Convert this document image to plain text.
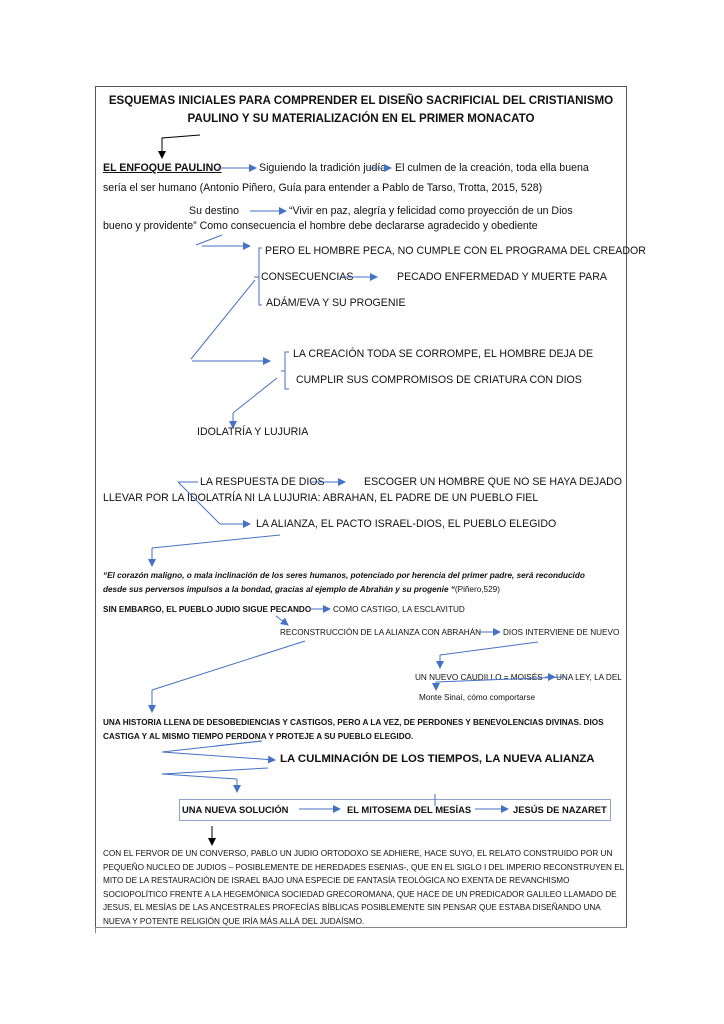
ESQUEMAS INICIALES PARA COMPRENDER EL DISEÑO SACRIFICIAL DEL CRISTIANISMO
PAULINO Y SU MATERIALIZACIÓN EN EL PRIMER MONACATO
EL ENFOQUE PAULINO	Siguiendo la tradición judía El culmen de la creación, toda ella buena
sería el ser humano (Antonio Piñero, Guía para entender a Pablo de Tarso, Trotta, 2015, 528)
Su destino	“Vivir en paz, alegría y felicidad como proyección de un Dios
bueno y providente” Como consecuencia el hombre debe declararse agradecido y obediente
PERO EL HOMBRE PECA, NO CUMPLE CON EL PROGRAMA DEL CREADOR
CONSECUENCIAS	PECADO ENFERMEDAD Y MUERTE PARA
ADÁM/EVA Y SU PROGENIE
LA CREACIÓN TODA SE CORROMPE, EL HOMBRE DEJA DE
CUMPLIR SUS COMPROMISOS DE CRIATURA CON DIOS
IDOLATRÍA Y LUJURIA
LA RESPUESTA DE DIOS	ESCOGER UN HOMBRE QUE NO SE HAYA DEJADO
LLEVAR POR LA IDOLATRÍA NI LA LUJURIA: ABRAHAN, EL PADRE DE UN PUEBLO FIEL
LA ALIANZA, EL PACTO ISRAEL-DIOS, EL PUEBLO ELEGIDO
“El corazón maligno, o mala inclinación de los seres humanos, potenciado por herencia del primer padre, será reconducido
desde sus perversos impulsos a la bondad, gracias al ejemplo de Abrahán y su progenie “(Piñero,529)
SIN EMBARGO, EL PUEBLO JUDIO SIGUE PECANDO	COMO CASTIGO, LA ESCLAVITUD
RECONSTRUCCIÓN DE LA ALIANZA CON ABRAHÁN	DIOS INTERVIENE DE NUEVO
UN NUEVO CAUDILLO = MOISÉS UNA LEY, LA DEL
Monte Sinaí, cómo comportarse
UNA HISTORIA LLENA DE DESOBEDIENCIAS Y CASTIGOS, PERO A LA VEZ, DE PERDONES Y BENEVOLENCIAS DIVINAS. DIOS
CASTIGA Y AL MISMO TIEMPO PERDONA Y PROTEJE A SU PUEBLO ELEGIDO.
LA CULMINACIÓN DE LOS TIEMPOS, LA NUEVA ALIANZA
UNA NUEVA SOLUCIÓN	EL MITOSEMA DEL MESÍAS	JESÚS DE NAZARET
CON EL FERVOR DE UN CONVERSO, PABLO UN JUDIO ORTODOXO SE ADHIERE, HACE SUYO, EL RELATO CONSTRUIDO POR UN PEQUEÑO NUCLEO DE JUDIOS – POSIBLEMENTE DE HEREDADES ESENIAS-, QUE EN EL SIGLO I DEL IMPERIO RECONSTRUYEN EL MITO DE LA RESTAURACIÓN DE ISRAEL BAJO UNA ESPECIE DE FANTASÍA TEOLÓGICA NO EXENTA DE REVANCHISMO SOCIOPOLÍTICO FRENTE A LA HEGEMÓNICA SOCIEDAD GRECOROMANA, QUE HACE DE UN PREDICADOR GALILEO LLAMADO DE JESUS, EL MESÍAS DE LAS ANCESTRALES PROFECÍAS BÍBLICAS POSIBLEMENTE SIN PENSAR QUE ESTABA DISEÑANDO UNA NUEVA Y POTENTE RELIGIÓN QUE IRÍA MÁS ALLÁ DEL JUDAÍSMO.
